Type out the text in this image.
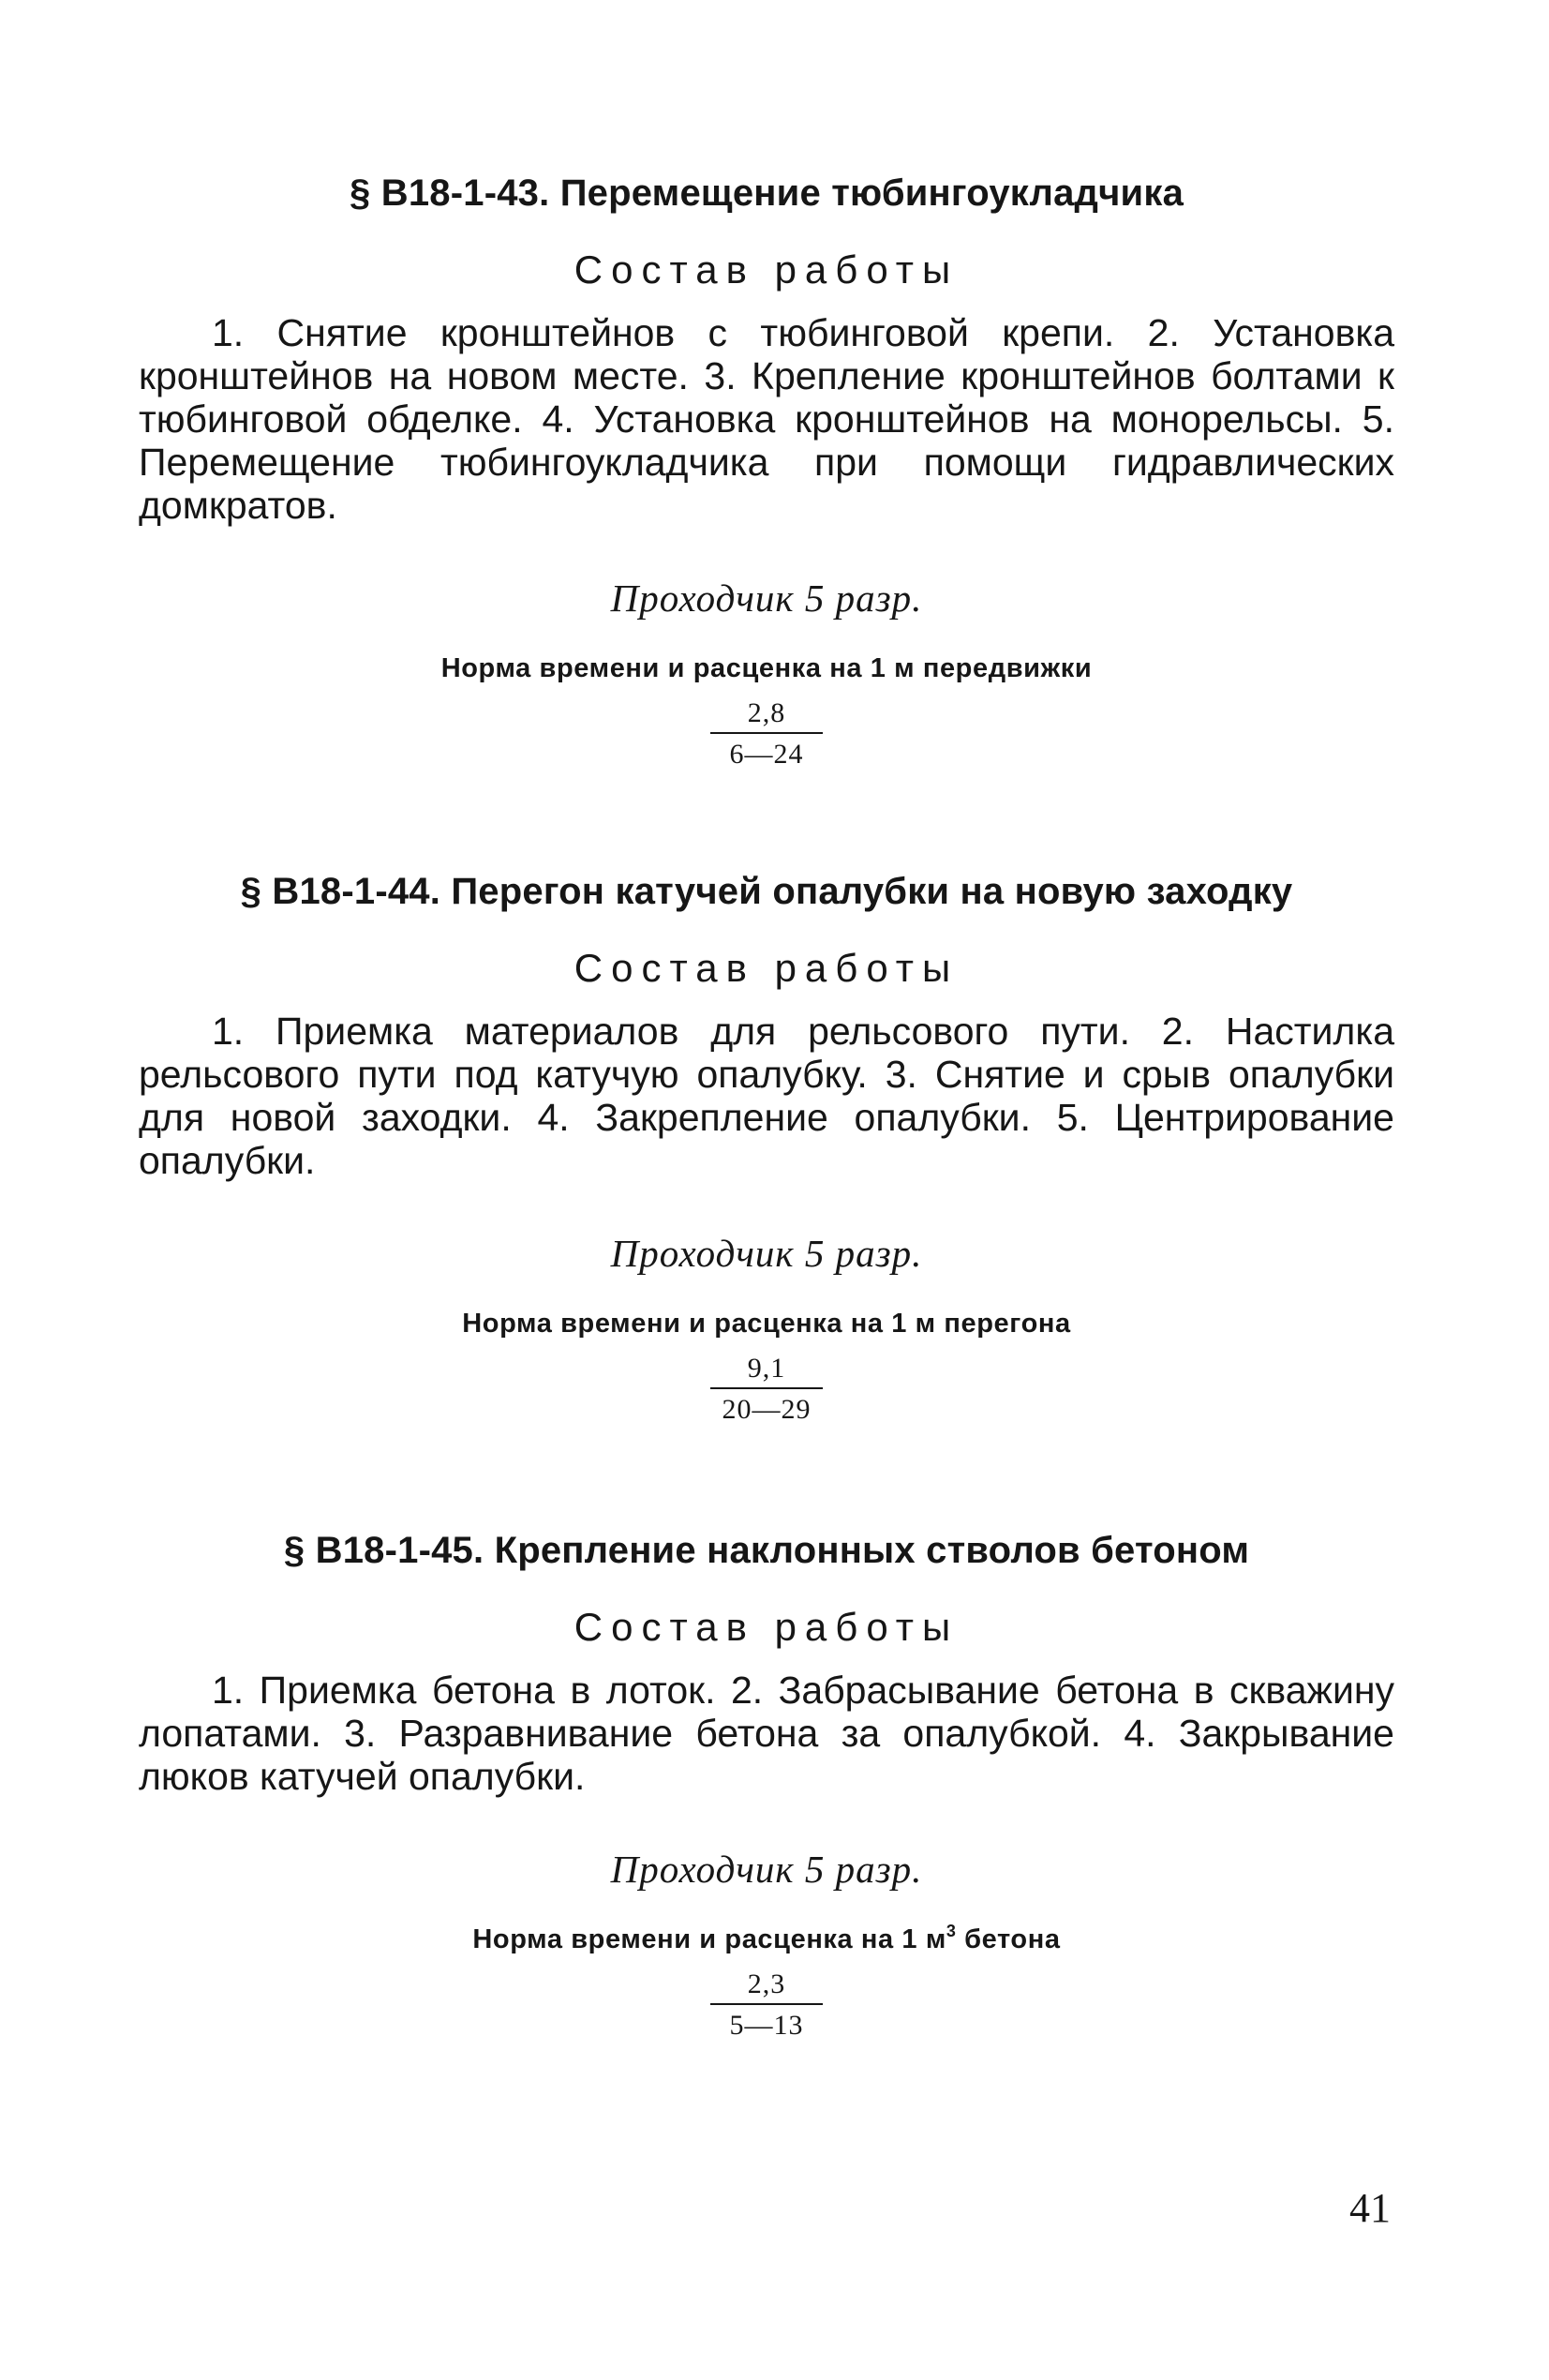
§ В18-1-43. Перемещение тюбингоукладчика
Состав работы

1. Снятие кронштейнов с тюбинговой крепи. 2. Установка кронштейнов на новом месте. 3. Крепление кронштейнов болтами к тюбинговой обделке. 4. Установка кронштейнов на монорельсы. 5. Перемещение тюбингоукладчика при помощи гидравлических домкратов.

Проходчик 5 разр.
Норма времени и расценка на 1 м передвижки
2,8
6—24
§ В18-1-44. Перегон катучей опалубки на новую заходку
Состав работы

1. Приемка материалов для рельсового пути. 2. Настилка рельсового пути под катучую опалубку. 3. Снятие и срыв опалубки для новой заходки. 4. Закрепление опалубки. 5. Центрирование опалубки.

Проходчик 5 разр.
Норма времени и расценка на 1 м перегона
9,1
20—29
§ В18-1-45. Крепление наклонных стволов бетоном
Состав работы

1. Приемка бетона в лоток. 2. Забрасывание бетона в скважину лопатами. 3. Разравнивание бетона за опалубкой. 4. Закрывание люков катучей опалубки.

Проходчик 5 разр.
Норма времени и расценка на 1 $м^3$ бетона
2,3
5—13
41
